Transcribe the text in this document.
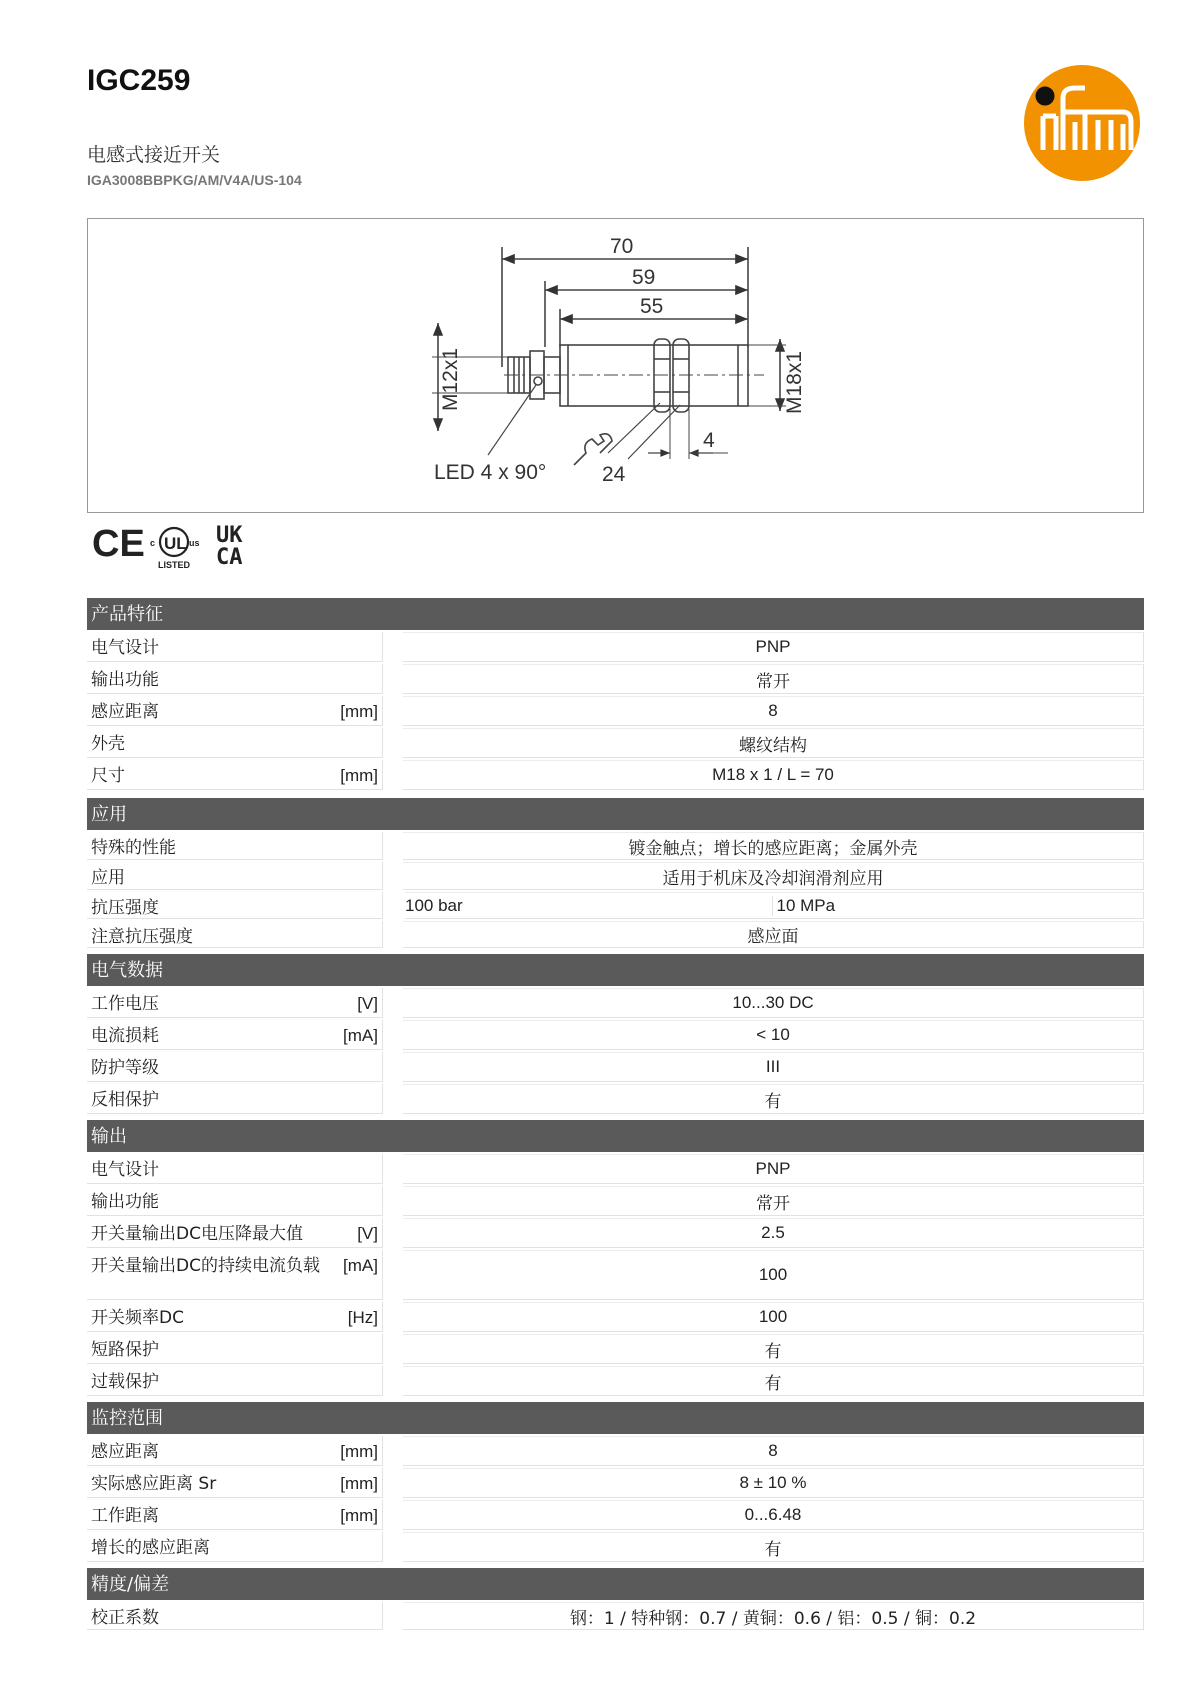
IGC259
电感式接近开关
IGA3008BBPKG/AM/V4A/US-104	ifm
70
59
55
4
M12x1	M18x1
LED 4 x 90°	24
CE UL
c	us
LISTED
UK
CA
产品特征
电气设计	PNP
输出功能	常开
感应距离	[mm]	8
外壳	螺纹结构
尺寸	[mm]	M18 x 1 / L = 70
应用
特殊的性能	镀金触点；增长的感应距离；金属外壳
应用	适用于机床及冷却润滑剂应用
抗压强度	100 bar	10 MPa
注意抗压强度	感应面
电气数据
工作电压	[V]	10...30 DC
电流损耗	[mA]	< 10
防护等级	III
反相保护	有
输出
电气设计	PNP
输出功能	常开
开关量输出DC电压降最大值	[V]	2.5
开关量输出DC的持续电流负载	[mA]	100
开关频率DC	[Hz]	100
短路保护	有
过载保护	有
监控范围
感应距离	[mm]	8
实际感应距离 Sr	[mm]	8 ± 10 %
工作距离	[mm]	0...6.48
增长的感应距离	有
精度/偏差
校正系数	钢：1 / 特种钢：0.7 / 黄铜：0.6 / 铝：0.5 / 铜：0.2
